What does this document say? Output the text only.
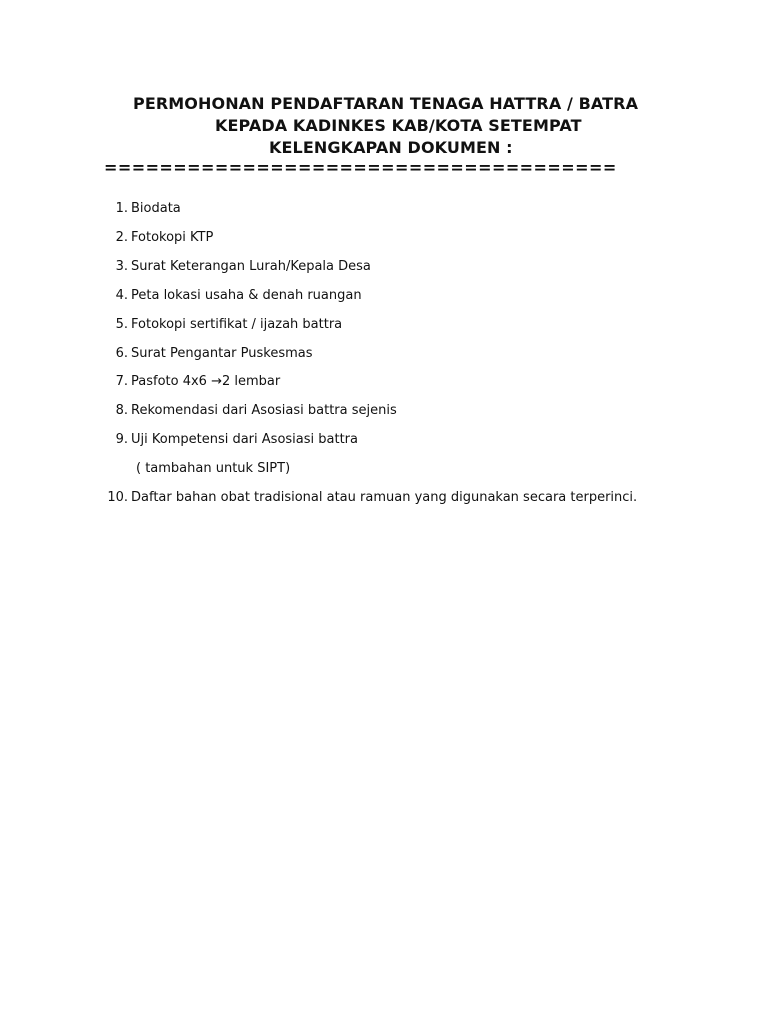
PERMOHONAN PENDAFTARAN TENAGA HATTRA / BATRA
KEPADA KADINKES KAB/KOTA SETEMPAT
KELENGKAPAN DOKUMEN :
=====================================
1. Biodata
2. Fotokopi KTP
3. Surat Keterangan Lurah/Kepala Desa
4. Peta lokasi usaha & denah ruangan
5. Fotokopi sertifikat / ijazah battra
6. Surat Pengantar Puskesmas
7. Pasfoto 4x6 →2 lembar
8. Rekomendasi dari Asosiasi battra sejenis
9. Uji Kompetensi dari Asosiasi battra
( tambahan untuk SIPT)
10. Daftar bahan obat tradisional atau ramuan yang digunakan secara terperinci.
